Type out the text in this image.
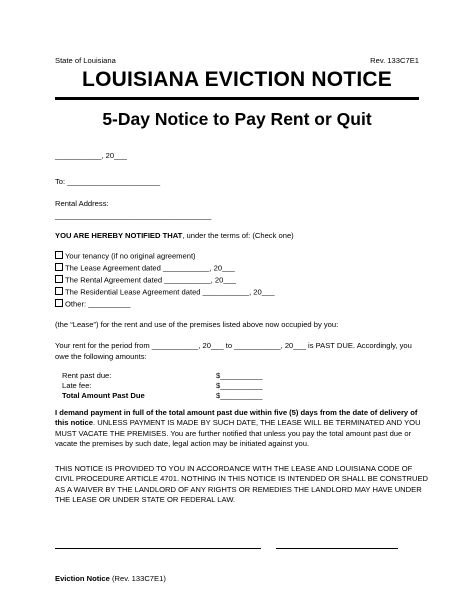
State of Louisiana	Rev. 133C7E1
LOUISIANA EVICTION NOTICE
5-Day Notice to Pay Rent or Quit
___________, 20___
To: ______________________
Rental Address:
_____________________________________
YOU ARE HEREBY NOTIFIED THAT, under the terms of: (Check one)
Your tenancy (if no original agreement)
The Lease Agreement dated ___________, 20___
The Rental Agreement dated ___________, 20___
The Residential Lease Agreement dated ___________, 20___
Other: __________
(the “Lease”) for the rent and use of the premises listed above now occupied by you:
Your rent for the period from ___________, 20___ to ___________, 20___ is PAST DUE. Accordingly, you
owe the following amounts:
Rent past due:	$__________
Late fee:	$__________
Total Amount Past Due	$__________
I demand payment in full of the total amount past due within five (5) days from the date of delivery of this notice. UNLESS PAYMENT IS MADE BY SUCH DATE, THE LEASE WILL BE TERMINATED AND YOU MUST VACATE THE PREMISES. You are further notified that unless you pay the total amount past due or vacate the premises by such date, legal action may be initiated against you.
THIS NOTICE IS PROVIDED TO YOU IN ACCORDANCE WITH THE LEASE AND LOUISIANA CODE OF CIVIL PROCEDURE ARTICLE 4701. NOTHING IN THIS NOTICE IS INTENDED OR SHALL BE CONSTRUED AS A WAIVER BY THE LANDLORD OF ANY RIGHTS OR REMEDIES THE LANDLORD MAY HAVE UNDER THE LEASE OR UNDER STATE OR FEDERAL LAW.
Eviction Notice (Rev. 133C7E1)
